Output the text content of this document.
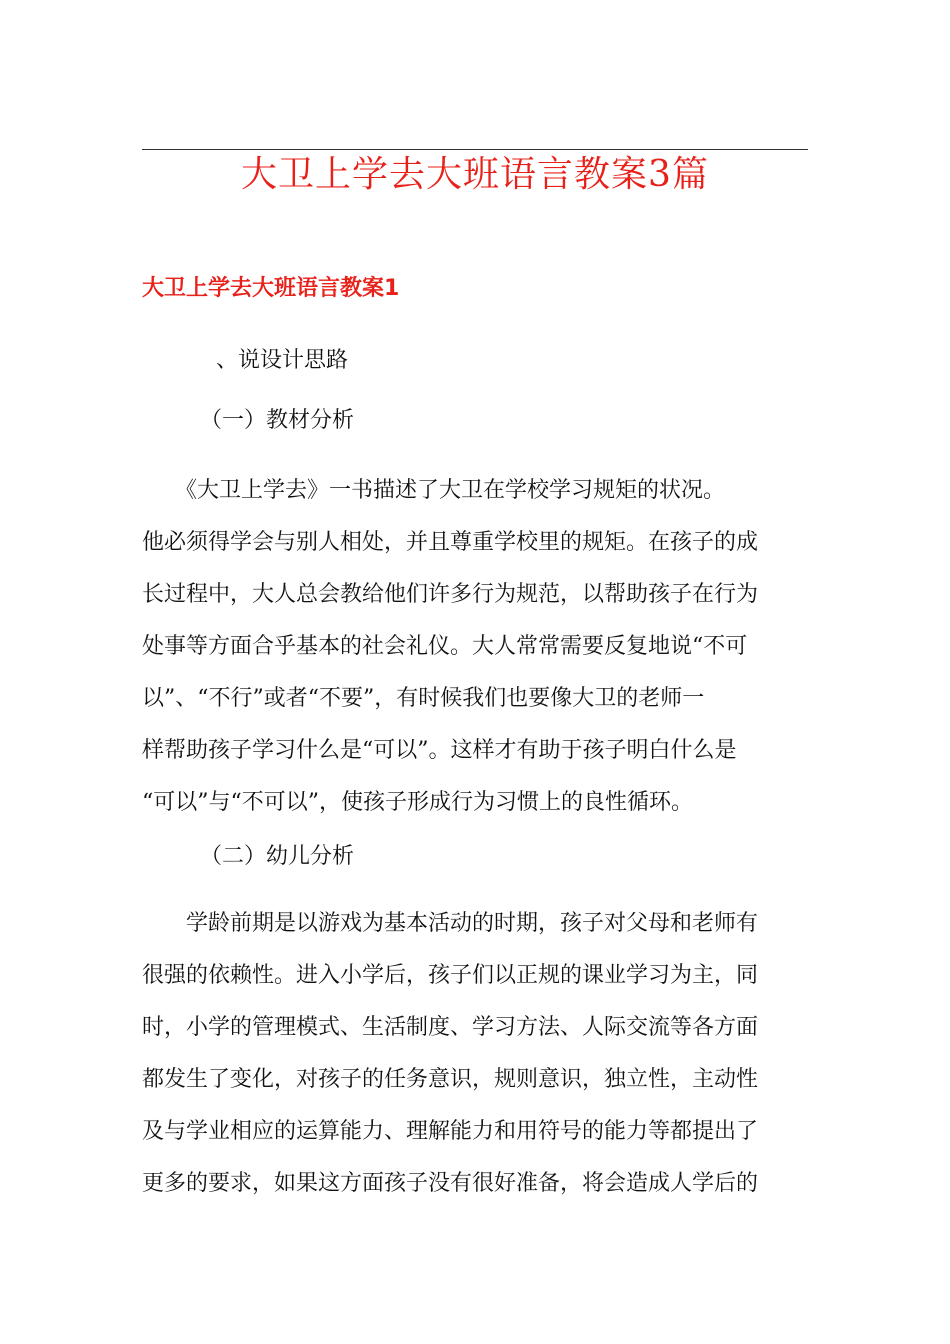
大卫上学去大班语言教案3篇
大卫上学去大班语言教案1
、说设计思路
（一）教材分析
　　《大卫上学去》一书描述了大卫在学校学习规矩的状况。
他必须得学会与别人相处，并且尊重学校里的规矩。在孩子的成
长过程中，大人总会教给他们许多行为规范，以帮助孩子在行为
处事等方面合乎基本的社会礼仪。大人常常需要反复地说“不可
以”、“不行”或者“不要”，有时候我们也要像大卫的老师一
样帮助孩子学习什么是“可以”。这样才有助于孩子明白什么是
“可以”与“不可以”，使孩子形成行为习惯上的良性循环。
（二）幼儿分析
　　学龄前期是以游戏为基本活动的时期，孩子对父母和老师有
很强的依赖性。进入小学后，孩子们以正规的课业学习为主，同
时，小学的管理模式、生活制度、学习方法、人际交流等各方面
都发生了变化，对孩子的任务意识，规则意识，独立性，主动性
及与学业相应的运算能力、理解能力和用符号的能力等都提出了
更多的要求，如果这方面孩子没有很好准备，将会造成人学后的
